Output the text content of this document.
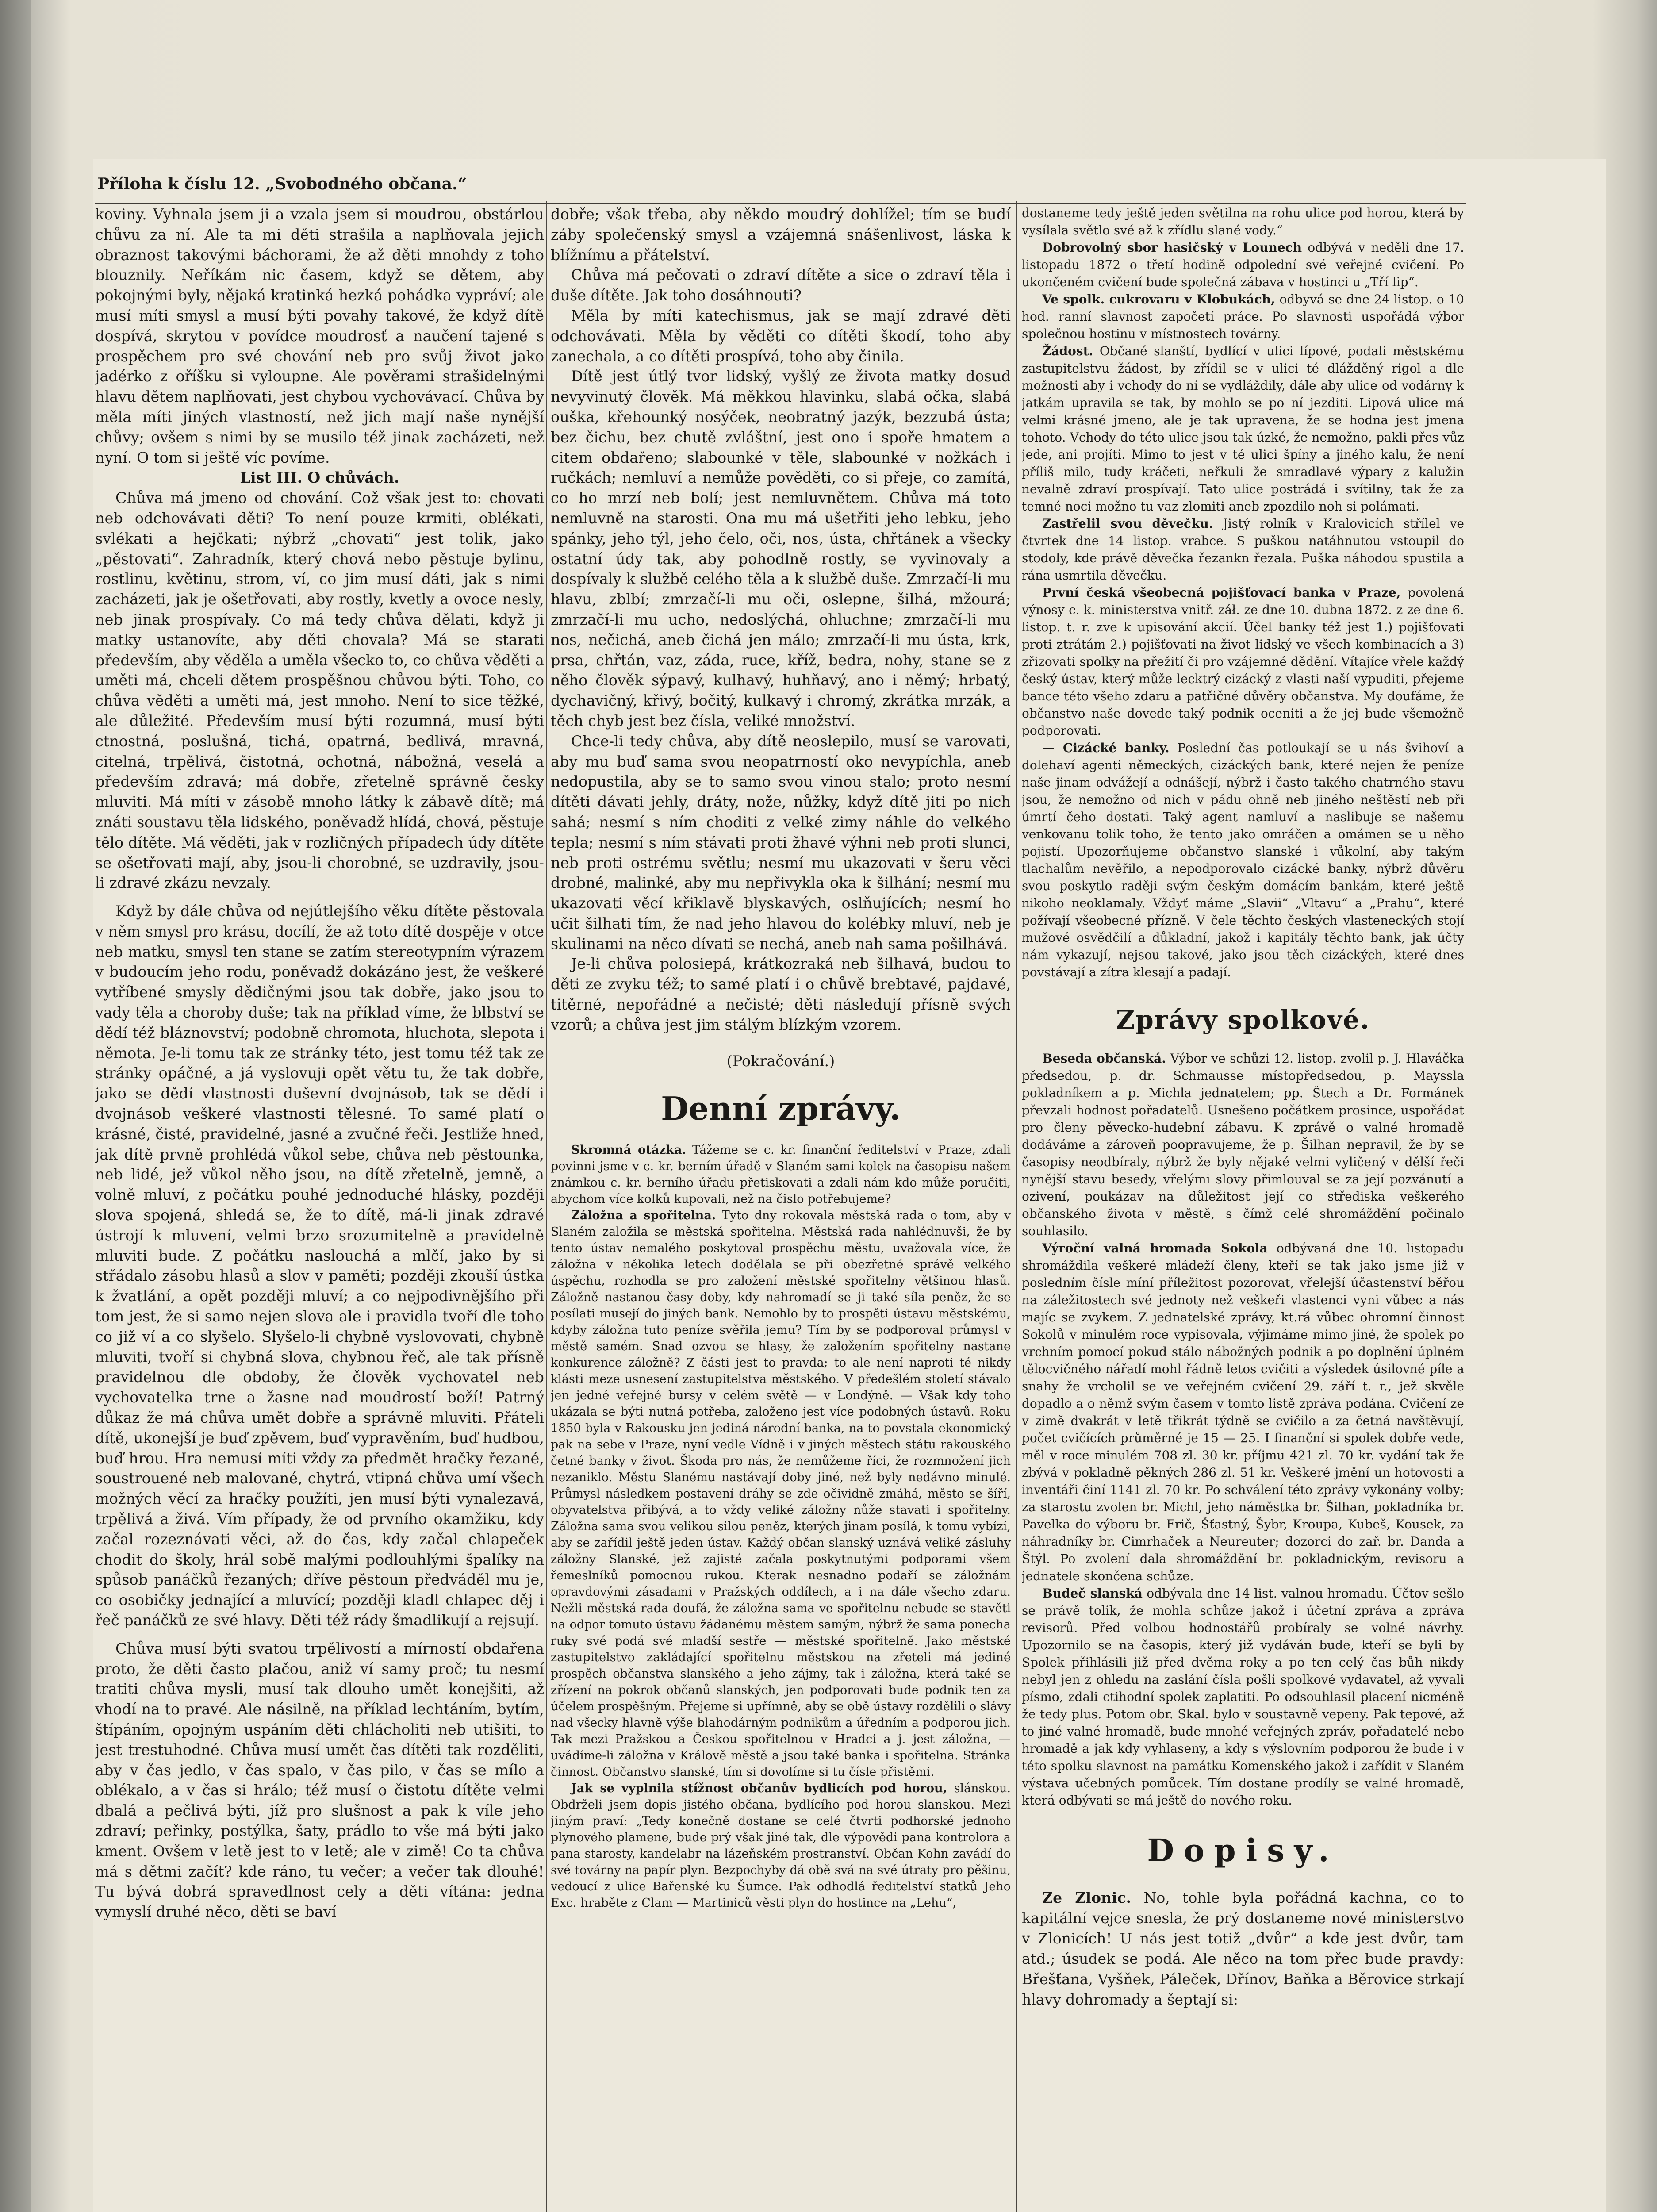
Příloha k číslu 12. „Svobodného občana.“

koviny. Vyhnala jsem ji a vzala jsem si moudrou, obstárlou chůvu za ní. Ale ta mi děti strašila a naplňovala jejich obraznost takovými báchorami, že až děti mnohdy z toho blouznily. Neříkám nic časem, když se dětem, aby pokojnými byly, nějaká kratinká hezká pohádka vypráví; ale musí míti smysl a musí býti povahy takové, že když dítě dospívá, skrytou v povídce moudrosť a naučení tajené s prospěchem pro své chování neb pro svůj život jako jadérko z oříšku si vyloupne. Ale pověrami strašidelnými hlavu dětem naplňovati, jest chybou vychovávací. Chůva by měla míti jiných vlastností, než jich mají naše nynější chůvy; ovšem s nimi by se musilo též jinak zacházeti, než nyní. O tom si ještě víc povíme.

List III. O chůvách.

Chůva má jmeno od chování. Což však jest to: chovati neb odchovávati děti? To není pouze krmiti, oblékati, svlékati a hejčkati; nýbrž „chovati“ jest tolik, jako „pěstovati“. Zahradník, který chová nebo pěstuje bylinu, rostlinu, květinu, strom, ví, co jim musí dáti, jak s nimi zacházeti, jak je ošetřovati, aby rostly, kvetly a ovoce nesly, neb jinak prospívaly. Co má tedy chůva dělati, když ji matky ustanovíte, aby děti chovala? Má se starati především, aby věděla a uměla všecko to, co chůva věděti a uměti má, chceli dětem prospěšnou chůvou býti. Toho, co chůva věděti a uměti má, jest mnoho. Není to sice těžké, ale důležité. Především musí býti rozumná, musí býti ctnostná, poslušná, tichá, opatrná, bedlivá, mravná, citelná, trpělivá, čistotná, ochotná, nábožná, veselá a především zdravá; má dobře, zřetelně správně česky mluviti. Má míti v zásobě mnoho látky k zábavě dítě; má znáti soustavu těla lidského, poněvadž hlídá, chová, pěstuje tělo dítěte. Má věděti, jak v rozličných případech údy dítěte se ošetřovati mají, aby, jsou-li chorobné, se uzdravily, jsou-li zdravé zkázu nevzaly.

Když by dále chůva od nejútlejšího věku dítěte pěstovala v něm smysl pro krásu, docílí, že až toto dítě dospěje v otce neb matku, smysl ten stane se zatím stereotypním výrazem v budoucím jeho rodu, poněvadž dokázáno jest, že veškeré vytříbené smysly dědičnými jsou tak dobře, jako jsou to vady těla a choroby duše; tak na příklad víme, že blbství se dědí též bláznovství; podobně chromota, hluchota, slepota i němota. Je-li tomu tak ze stránky této, jest tomu též tak ze stránky opáčné, a já vyslovuji opět větu tu, že tak dobře, jako se dědí vlastnosti duševní dvojnásob, tak se dědí i dvojnásob veškeré vlastnosti tělesné. To samé platí o krásné, čisté, pravidelné, jasné a zvučné řeči. Jestliže hned, jak dítě prvně prohlédá vůkol sebe, chůva neb pěstounka, neb lidé, jež vůkol něho jsou, na dítě zřetelně, jemně, a volně mluví, z počátku pouhé jednoduché hlásky, později slova spojená, shledá se, že to dítě, má-li jinak zdravé ústrojí k mluvení, velmi brzo srozumitelně a pravidelně mluviti bude. Z počátku naslouchá a mlčí, jako by si střádalo zásobu hlasů a slov v paměti; později zkouší ústka k žvatlání, a opět později mluví; a co nejpodivnějšího při tom jest, že si samo nejen slova ale i pravidla tvoří dle toho co již ví a co slyšelo. Slyšelo-li chybně vyslovovati, chybně mluviti, tvoří si chybná slova, chybnou řeč, ale tak přísně pravidelnou dle obdoby, že člověk vychovatel neb vychovatelka trne a žasne nad moudrostí boží! Patrný důkaz že má chůva umět dobře a správně mluviti. Přáteli dítě, ukonejší je buď zpěvem, buď vypravěním, buď hudbou, buď hrou. Hra nemusí míti vždy za předmět hračky řezané, soustrouené neb malované, chytrá, vtipná chůva umí všech možných věcí za hračky použíti, jen musí býti vynalezavá, trpělivá a živá. Vím případy, že od prvního okamžiku, kdy začal rozeznávati věci, až do čas, kdy začal chlapeček chodit do školy, hrál sobě malými podlouhlými špalíky na spůsob panáčků řezaných; dříve pěstoun předváděl mu je, co osobičky jednající a mluvící; později kladl chlapec děj i řeč panáčků ze své hlavy. Děti též rády šmadlikují a rejsují.

Chůva musí býti svatou trpělivostí a mírností obdařena proto, že děti často plačou, aniž ví samy proč; tu nesmí tratiti chůva mysli, musí tak dlouho umět konejšiti, až vhodí na to pravé. Ale násilně, na příklad lechtáním, bytím, štípáním, opojným uspáním děti chlácholiti neb utišiti, to jest trestuhodné. Chůva musí umět čas dítěti tak rozděliti, aby v čas jedlo, v čas spalo, v čas pilo, v čas se mílo a oblékalo, a v čas si hrálo; též musí o čistotu dítěte velmi dbalá a pečlivá býti, jíž pro slušnost a pak k víle jeho zdraví; peřinky, postýlka, šaty, prádlo to vše má býti jako kment. Ovšem v letě jest to v letě; ale v zimě! Co ta chůva má s dětmi začít? kde ráno, tu večer; a večer tak dlouhé! Tu bývá dobrá spravedlnost cely a děti vítána: jedna vymyslí druhé něco, děti se baví

dobře; však třeba, aby někdo moudrý dohlížel; tím se budí záby společenský smysl a vzájemná snášenlivost, láska k blížnímu a přátelství.

Chůva má pečovati o zdraví dítěte a sice o zdraví těla i duše dítěte. Jak toho dosáhnouti?

Měla by míti katechismus, jak se mají zdravé děti odchovávati. Měla by věděti co dítěti škodí, toho aby zanechala, a co dítěti prospívá, toho aby činila.

Dítě jest útlý tvor lidský, vyšlý ze života matky dosud nevyvinutý člověk. Má měkkou hlavinku, slabá očka, slabá ouška, křehounký nosýček, neobratný jazýk, bezzubá ústa; bez čichu, bez chutě zvláštní, jest ono i spoře hmatem a citem obdařeno; slabounké v těle, slabounké v nožkách i ručkách; nemluví a nemůže pověděti, co si přeje, co zamítá, co ho mrzí neb bolí; jest nemluvnětem. Chůva má toto nemluvně na starosti. Ona mu má ušetřiti jeho lebku, jeho spánky, jeho týl, jeho čelo, oči, nos, ústa, chřtánek a všecky ostatní údy tak, aby pohodlně rostly, se vyvinovaly a dospívaly k službě celého těla a k službě duše. Zmrzačí-li mu hlavu, zblbí; zmrzačí-li mu oči, oslepne, šilhá, mžourá; zmrzačí-li mu ucho, nedoslýchá, ohluchne; zmrzačí-li mu nos, nečichá, aneb čichá jen málo; zmrzačí-li mu ústa, krk, prsa, chřtán, vaz, záda, ruce, kříž, bedra, nohy, stane se z něho člověk sýpavý, kulhavý, huhňavý, ano i němý; hrbatý, dychavičný, křivý, bočitý, kulkavý i chromý, zkrátka mrzák, a těch chyb jest bez čísla, veliké množství.

Chce-li tedy chůva, aby dítě neoslepilo, musí se varovati, aby mu buď sama svou neopatrností oko nevypíchla, aneb nedopustila, aby se to samo svou vinou stalo; proto nesmí dítěti dávati jehly, dráty, nože, nůžky, když dítě jiti po nich sahá; nesmí s ním choditi z velké zimy náhle do velkého tepla; nesmí s ním stávati proti žhavé výhni neb proti slunci, neb proti ostrému světlu; nesmí mu ukazovati v šeru věci drobné, malinké, aby mu nepřivykla oka k šilhání; nesmí mu ukazovati věcí křiklavě blyskavých, oslňujících; nesmí ho učit šilhati tím, že nad jeho hlavou do kolébky mluví, neb je skulinami na něco dívati se nechá, aneb nah sama pošilhává.

Je-li chůva polosiepá, krátkozraká neb šilhavá, budou to děti ze zvyku též; to samé platí i o chůvě brebtavé, pajdavé, titěrné, nepořádné a nečisté; děti následují přísně svých vzorů; a chůva jest jim stálým blízkým vzorem.

(Pokračování.)

Denní zprávy.

Skromná otázka. Tážeme se c. kr. finanční ředitelství v Praze, zdali povinni jsme v c. kr. berním úřadě v Slaném sami kolek na časopisu našem známkou c. kr. berního úřadu přetiskovati a zdali nám kdo může poručiti, abychom více kolků kupovali, než na čislo potřebujeme?

Záložna a spořitelna. Tyto dny rokovala městská rada o tom, aby v Slaném založila se městská spořitelna. Městská rada nahlédnuvši, že by tento ústav nemalého poskytoval prospěchu městu, uvažovala více, že záložna v několika letech dodělala se při obezřetné správě velkého úspěchu, rozhodla se pro založení městské spořitelny většinou hlasů. Záložně nastanou časy doby, kdy nahromadí se ji také síla peněz, že se posílati musejí do jiných bank. Nemohlo by to prospěti ústavu městskému, kdyby záložna tuto peníze svěřila jemu? Tím by se podporoval průmysl v městě samém. Snad ozvou se hlasy, že založením spořitelny nastane konkurence záložně? Z části jest to pravda; to ale není naproti té nikdy klásti meze usnesení zastupitelstva městského. V předešlém století stávalo jen jedné veřejné bursy v celém světě — v Londýně. — Však kdy toho ukázala se býti nutná potřeba, založeno jest více podobných ústavů. Roku 1850 byla v Rakousku jen jediná národní banka, na to povstala ekonomický pak na sebe v Praze, nyní vedle Vídně i v jiných městech státu rakouského četné banky v život. Škoda pro nás, že nemůžeme říci, že rozmnožení jich nezaniklo. Městu Slanému nastávají doby jiné, než byly nedávno minulé. Průmysl následkem postavení dráhy se zde očividně zmáhá, město se šíří, obyvatelstva přibývá, a to vždy veliké záložny nůže stavati i spořitelny. Záložna sama svou velikou silou peněz, kterých jinam posílá, k tomu vybízí, aby se zařídil ještě jeden ústav. Každý občan slanský uznává veliké zásluhy záložny Slanské, jež zajisté začala poskytnutými podporami všem řemeslníků pomocnou rukou. Kterak nesnadno podaří se záložnám opravdovými zásadami v Pražských oddílech, a i na dále všecho zdaru. Nežli městská rada doufá, že záložna sama ve spořitelnu nebude se stavěti na odpor tomuto ústavu žádanému městem samým, nýbrž že sama ponecha ruky své podá své mladší sestře — městské spořitelně. Jako městské zastupitelstvo zakládající spořitelnu městskou na zřeteli má jediné prospěch občanstva slanského a jeho zájmy, tak i záložna, která také se zřízení na pokrok občanů slanských, jen podporovati bude podnik ten za účelem prospěšným. Přejeme si upřímně, aby se obě ústavy rozdělili o slávy nad všecky hlavně výše blahodárným podnikům a úředním a podporou jich. Tak mezi Pražskou a Českou spořitelnou v Hradci a j. jest záložna, — uvádíme-li záložna v Králově městě a jsou také banka i spořitelna. Stránka činnost. Občanstvo slanské, tím si dovolíme si tu čísle přistěmi.

Jak se vyplnila stížnost občanův bydlicích pod horou, slánskou. Obdrželi jsem dopis jistého občana, bydlícího pod horou slanskou. Mezi jiným praví: „Tedy konečně dostane se celé čtvrti podhorské jednoho plynového plamene, bude prý však jiné tak, dle výpovědi pana kontrolora a pana starosty, kandelabr na lázeňském prostranství. Občan Kohn zavádí do své továrny na papír plyn. Bezpochyby dá obě svá na své útraty pro pěšinu, vedoucí z ulice Bařenské ku Šumce. Pak odhodlá ředitelství statků Jeho Exc. hraběte z Clam — Martiniců věsti plyn do hostince na „Lehu“,

dostaneme tedy ještě jeden světilna na rohu ulice pod horou, která by vysílala světlo své až k zřídlu slané vody.“

Dobrovolný sbor hasičský v Lounech odbývá v neděli dne 17. listopadu 1872 o třetí hodině odpolední své veřejné cvičení. Po ukončeném cvičení bude společná zábava v hostinci u „Tří lip“.

Ve spolk. cukrovaru v Klobukách, odbyvá se dne 24 listop. o 10 hod. ranní slavnost započetí práce. Po slavnosti uspořádá výbor společnou hostinu v místnostech továrny.

Žádost. Občané slanští, bydlící v ulici lípové, podali městskému zastupitelstvu žádost, by zřídil se v ulici té dlážděný rigol a dle možnosti aby i vchody do ní se vydláždily, dále aby ulice od vodárny k jatkám upravila se tak, by mohlo se po ní jezditi. Lipová ulice má velmi krásné jmeno, ale je tak upravena, že se hodna jest jmena tohoto. Vchody do této ulice jsou tak úzké, že nemožno, pakli přes vůz jede, ani projíti. Mimo to jest v té ulici špíny a jiného kalu, že není příliš milo, tudy kráčeti, neřkuli že smradlavé výpary z kalužin nevalně zdraví prospívají. Tato ulice postrádá i svítilny, tak že za temné noci možno tu vaz zlomiti aneb zpozdilo noh si polámati.

Zastřelil svou děvečku. Jistý rolník v Kralovicích střílel ve čtvrtek dne 14 listop. vrabce. S puškou natáhnutou vstoupil do stodoly, kde právě děvečka řezankn řezala. Puška náhodou spustila a rána usmrtila děvečku.

První česká všeobecná pojišťovací banka v Praze, povolená výnosy c. k. ministerstva vnitř. záł. ze dne 10. dubna 1872. z ze dne 6. listop. t. r. zve k upisování akcií. Účel banky též jest 1.) pojišťovati proti ztrátám 2.) pojišťovati na život lidský ve všech kombinacích a 3) zřizovati spolky na přežití či pro vzájemné dědění. Vítajíce vřele každý český ústav, který může lecktrý cizácký z vlasti naší vypuditi, přejeme bance této všeho zdaru a patřičné důvěry občanstva. My doufáme, že občanstvo naše dovede taký podnik oceniti a že jej bude všemožně podporovati.

— Cizácké banky. Poslední čas potloukají se u nás švihoví a dolehaví agenti německých, cizáckých bank, které nejen že peníze naše jinam odvážejí a odnášejí, nýbrž i často takého chatrného stavu jsou, že nemožno od nich v pádu ohně neb jiného neštěstí neb při úmrtí čeho dostati. Taký agent namluví a naslibuje se našemu venkovanu tolik toho, že tento jako omráčen a omámen se u něho pojistí. Upozorňujeme občanstvo slanské i vůkolní, aby takým tlachalům nevěřilo, a nepodporovalo cizácké banky, nýbrž důvěru svou poskytlo raději svým českým domácím bankám, které ještě nikoho neoklamaly. Vždyť máme „Slavii“ „Vltavu“ a „Prahu“, které požívají všeobecné přízně. V čele těchto českých vlasteneckých stojí mužové osvědčilí a důkladní, jakož i kapitály těchto bank, jak účty nám vykazují, nejsou takové, jako jsou těch cizáckých, které dnes povstávají a zítra klesají a padají.

Zprávy spolkové.

Beseda občanská. Výbor ve schůzi 12. listop. zvolil p. J. Hlaváčka předsedou, p. dr. Schmausse místopředsedou, p. Mayssla pokladníkem a p. Michla jednatelem; pp. Štech a Dr. Formánek převzali hodnost pořadatelů. Usnešeno počátkem prosince, uspořádat pro členy pěvecko-hudební zábavu. K zprávě o valné hromadě dodáváme a zároveň poopravujeme, že p. Šilhan nepravil, že by se časopisy neodbíraly, nýbrž že byly nějaké velmi vyličený v dělší řeči nynější stavu besedy, vřelými slovy přimlouval se za její pozvánutí a ozivení, poukázav na důležitost její co střediska veškerého občanského života v městě, s čímž celé shromáždění počinalo souhlasilo.

Výroční valná hromada Sokola odbývaná dne 10. listopadu shromáždila veškeré mládeží členy, kteří se tak jako jsme již v posledním čísle míní příležitost pozorovat, vřelejší účastenství běřou na záležitostech své jednoty než veškeři vlastenci vyni vůbec a nás majíc se zvykem. Z jednatelské zprávy, kt.rá vůbec ohromní činnost Sokolů v minulém roce vypisovala, výjimáme mimo jiné, že spolek po vrchním pomocí pokud stálo nábožných podnik a po doplnění úplném tělocvičného nářadí mohl řádně letos cvičiti a výsledek úsilovné píle a snahy že vrcholil se ve veřejném cvičení 29. září t. r., jež skvěle dopadlo a o němž svým časem v tomto listě zpráva podána. Cvičení ze v zimě dvakrát v letě třikrát týdně se cvičilo a za četná navštěvují, počet cvičících průměrné je 15 — 25. I finanční si spolek dobře vede, měl v roce minulém 708 zl. 30 kr. příjmu 421 zl. 70 kr. vydání tak že zbývá v pokladně pěkných 286 zl. 51 kr. Veškeré jmění un hotovosti a inventáři činí 1141 zl. 70 kr. Po schválení této zprávy vykonány volby; za starostu zvolen br. Michl, jeho náměstka br. Šilhan, pokladníka br. Pavelka do výboru br. Frič, Šťastný, Šybr, Kroupa, Kubeš, Kousek, za náhradníky br. Cimrhaček a Neureuter; dozorci do zař. br. Danda a Štýl. Po zvolení dala shromáždění br. pokladnickým, revisoru a jednatele skončena schůze.

Budeč slanská odbývala dne 14 list. valnou hromadu. Účtov sešlo se právě tolik, že mohla schůze jakož i účetní zpráva a zpráva revisorů. Před volbou hodnostářů probíraly se volné návrhy. Upozornilo se na časopis, který již vydáván bude, kteří se byli by Spolek přihlásili již před dvěma roky a po ten celý čas bůh nikdy nebyl jen z ohledu na zaslání čísla pošli spolkové vydavatel, až vyvali písmo, zdali ctihodní spolek zaplatiti. Po odsouhlasil placení nicméně že tedy plus. Potom obr. Skal. bylo v soustavně vepeny. Pak tepové, až to jiné valné hromadě, bude mnohé veřejných zpráv, pořadatelé nebo hromadě a jak kdy vyhlaseny, a kdy s výslovním podporou že bude i v této spolku slavnost na památku Komenského jakož i zařídit v Slaném výstava učebných pomůcek. Tím dostane prodíly se valné hromadě, která odbývati se má ještě do nového roku.

Dopisy.

Ze Zlonic. No, tohle byla pořádná kachna, co to kapitální vejce snesla, že prý dostaneme nové ministerstvo v Zlonicích! U nás jest totiž „dvůr“ a kde jest dvůr, tam atd.; úsudek se podá. Ale něco na tom přec bude pravdy: Břešťana, Vyšňek, Páleček, Dřínov, Baňka a Běrovice strkají hlavy dohromady a šeptají si:
